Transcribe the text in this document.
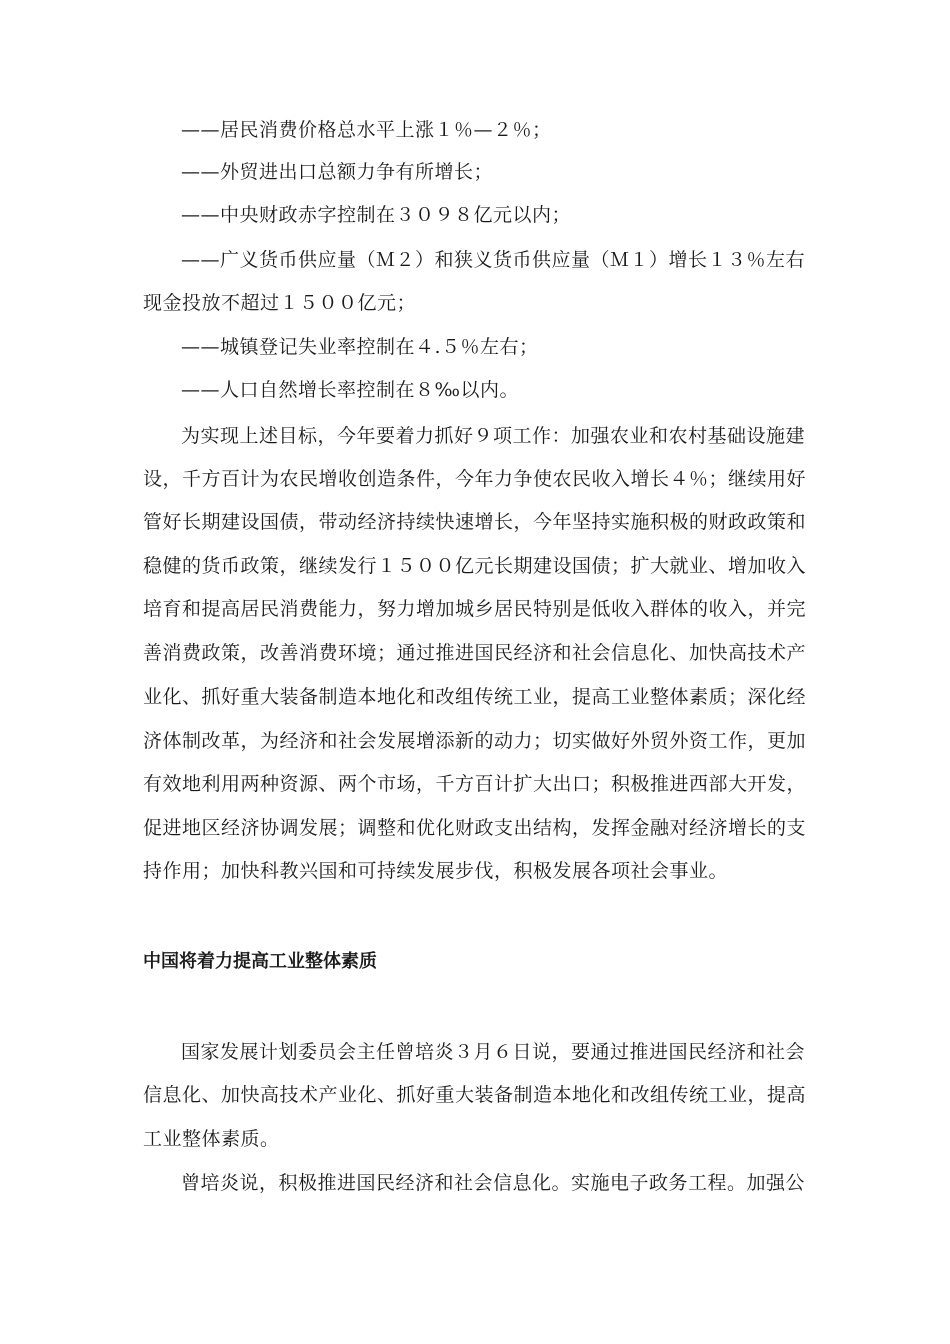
——居民消费价格总水平上涨１％—２％；
——外贸进出口总额力争有所增长；
——中央财政赤字控制在３０９８亿元以内；
——广义货币供应量（Ｍ２）和狭义货币供应量（Ｍ１）增长１３％左右
现金投放不超过１５００亿元；
——城镇登记失业率控制在４.５％左右；
——人口自然增长率控制在８‰以内。
为实现上述目标，今年要着力抓好９项工作：加强农业和农村基础设施建
设，千方百计为农民增收创造条件，今年力争使农民收入增长４％；继续用好
管好长期建设国债，带动经济持续快速增长，今年坚持实施积极的财政政策和
稳健的货币政策，继续发行１５００亿元长期建设国债；扩大就业、增加收入
培育和提高居民消费能力，努力增加城乡居民特别是低收入群体的收入，并完
善消费政策，改善消费环境；通过推进国民经济和社会信息化、加快高技术产
业化、抓好重大装备制造本地化和改组传统工业，提高工业整体素质；深化经
济体制改革，为经济和社会发展增添新的动力；切实做好外贸外资工作，更加
有效地利用两种资源、两个市场，千方百计扩大出口；积极推进西部大开发，
促进地区经济协调发展；调整和优化财政支出结构，发挥金融对经济增长的支
持作用；加快科教兴国和可持续发展步伐，积极发展各项社会事业。
中国将着力提高工业整体素质
国家发展计划委员会主任曾培炎３月６日说，要通过推进国民经济和社会
信息化、加快高技术产业化、抓好重大装备制造本地化和改组传统工业，提高
工业整体素质。
曾培炎说，积极推进国民经济和社会信息化。实施电子政务工程。加强公
